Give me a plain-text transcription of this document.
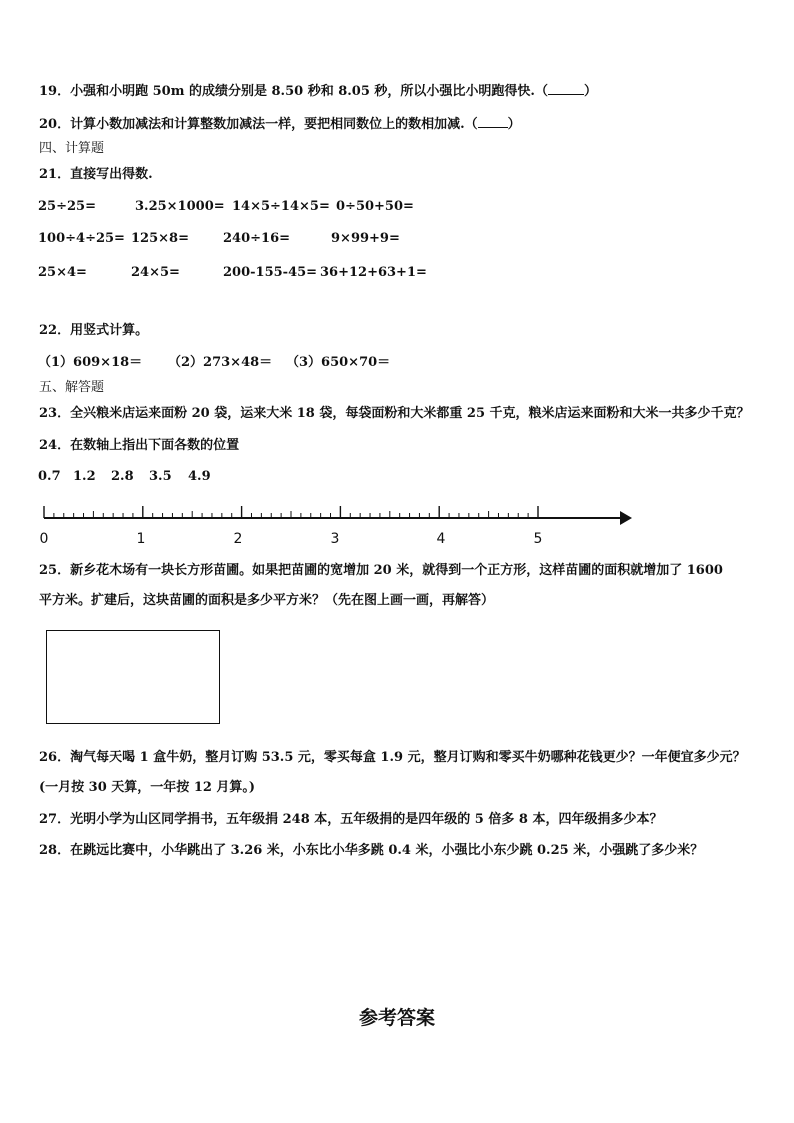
19．小强和小明跑 50m 的成绩分别是 8.50 秒和 8.05 秒，所以小强比小明跑得快.（	）
20．计算小数加减法和计算整数加减法一样，要把相同数位上的数相加减.（ ）
四、计算题
21．直接写出得数.
25÷25=	3.25×1000= 14×5÷14×5= 0÷50+50=
100÷4÷25= 125×8=	240÷16=	9×99+9=
25×4=	24×5=	200-155-45= 36+12+63+1=
22．用竖式计算。
（1）609×18＝ （2）273×48＝ （3）650×70＝
五、解答题
23．全兴粮米店运来面粉 20 袋，运来大米 18 袋，每袋面粉和大米都重 25 千克，粮米店运来面粉和大米一共多少千克？
24．在数轴上指出下面各数的位置
0.7 1.2 2.8 3.5 4.9
0	1	2	3	4	5
25．新乡花木场有一块长方形苗圃。如果把苗圃的宽增加 20 米，就得到一个正方形，这样苗圃的面积就增加了 1600
平方米。扩建后，这块苗圃的面积是多少平方米？（先在图上画一画，再解答）
26．淘气每天喝 1 盒牛奶，整月订购 53.5 元，零买每盒 1.9 元，整月订购和零买牛奶哪种花钱更少？一年便宜多少元？
(一月按 30 天算，一年按 12 月算。)
27．光明小学为山区同学捐书，五年级捐 248 本，五年级捐的是四年级的 5 倍多 8 本，四年级捐多少本？
28．在跳远比赛中，小华跳出了 3.26 米，小东比小华多跳 0.4 米，小强比小东少跳 0.25 米，小强跳了多少米？
参考答案
